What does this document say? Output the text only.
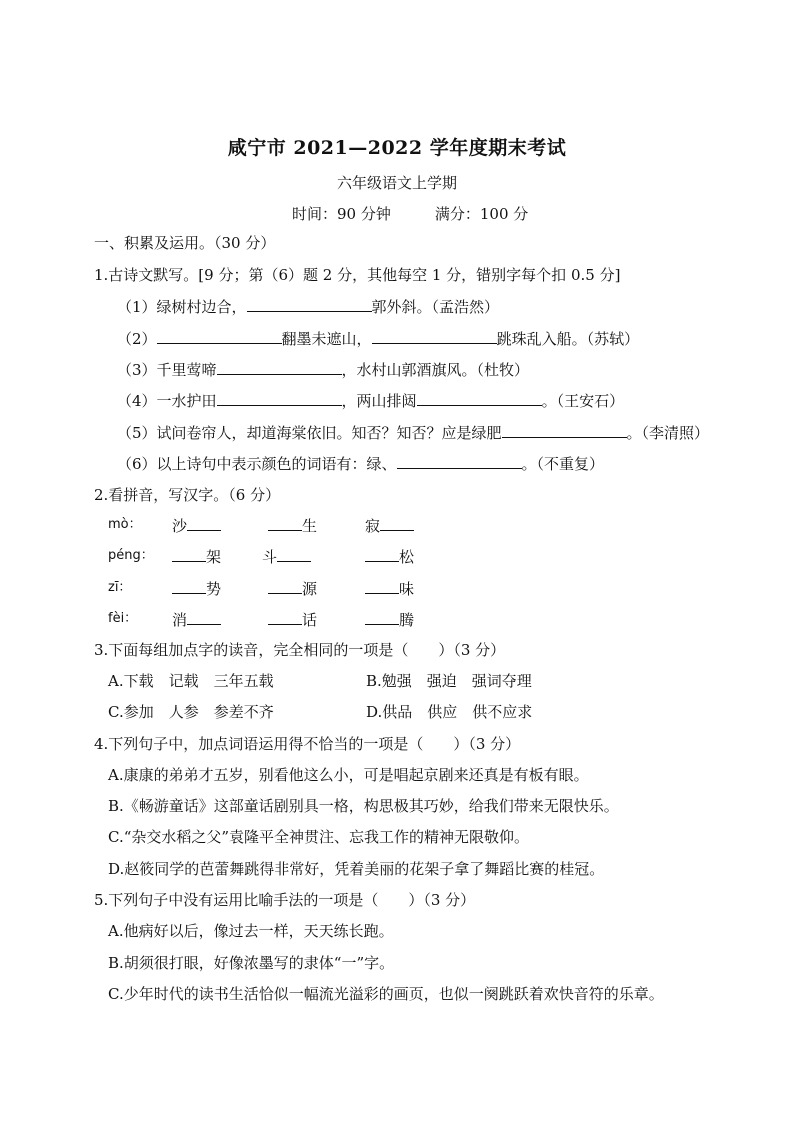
咸宁市 2021—2022 学年度期末考试
六年级语文上学期
时间：90 分钟	满分：100 分
一、积累及运用。（30 分）
1.古诗文默写。[9 分；第（6）题 2 分，其他每空 1 分，错别字每个扣 0.5 分]
（1）绿树村边合，	郭外斜。（孟浩然）
（2）	翻墨未遮山，	跳珠乱入船。（苏轼）
（3）千里莺啼	，水村山郭酒旗风。（杜牧）
（4）一水护田	，两山排闼	。（王安石）
（5）试问卷帘人，却道海棠依旧。知否？知否？应是绿肥	。（李清照）
（6）以上诗句中表示颜色的词语有：绿、	。（不重复）
2.看拼音，写汉字。（6 分）
mò： 沙	生	寂
péng：	架	斗	松
zī：	势	源	味
fèi： 消	话	腾
3.下面每组加点字的读音，完全相同的一项是（　　）（3 分）
A.下载　记载　三年五载	B.勉强　强迫　强词夺理
C.参加　人参　参差不齐	D.供品　供应　供不应求
4.下列句子中，加点词语运用得不恰当的一项是（　　）（3 分）
A.康康的弟弟才五岁，别看他这么小，可是唱起京剧来还真是有板有眼。
B.《畅游童话》这部童话剧别具一格，构思极其巧妙，给我们带来无限快乐。
C.“杂交水稻之父”袁隆平全神贯注、忘我工作的精神无限敬仰。
D.赵筱同学的芭蕾舞跳得非常好，凭着美丽的花架子拿了舞蹈比赛的桂冠。
5.下列句子中没有运用比喻手法的一项是（　　）（3 分）
A.他病好以后，像过去一样，天天练长跑。
B.胡须很打眼，好像浓墨写的隶体“一”字。
C.少年时代的读书生活恰似一幅流光溢彩的画页，也似一阕跳跃着欢快音符的乐章。
